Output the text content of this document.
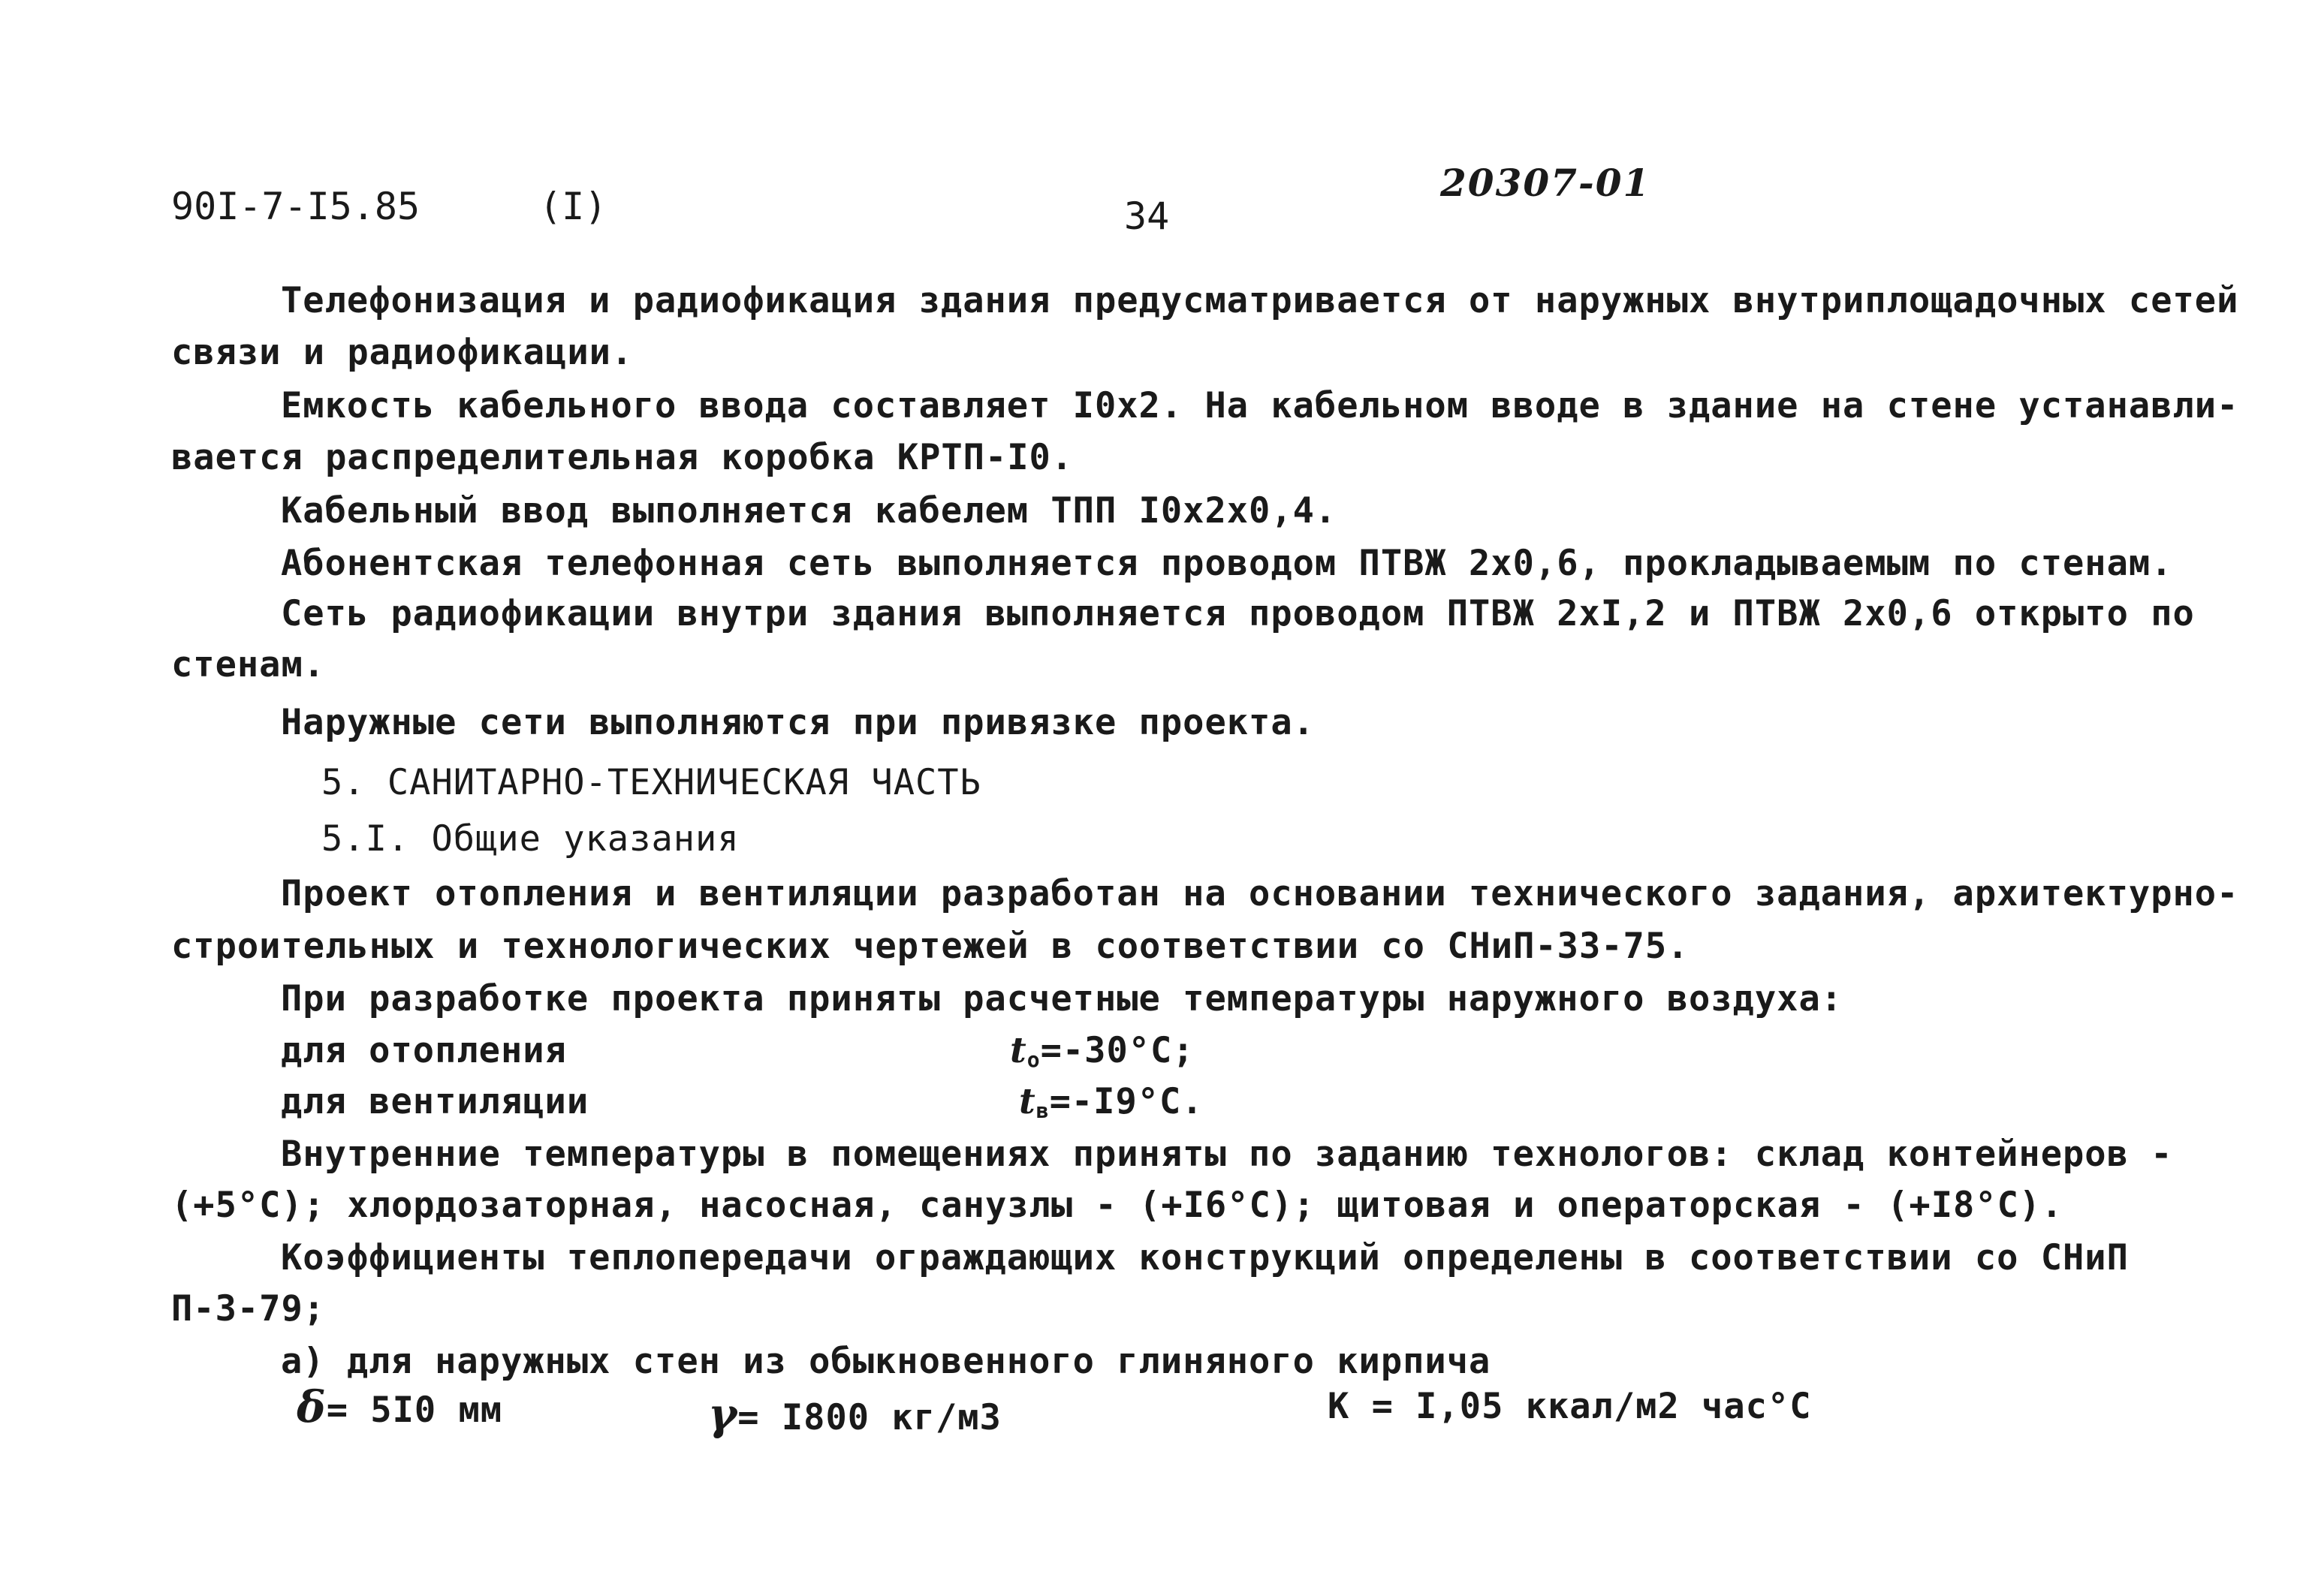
90I-7-I5.85	(I)	34
20307-01
Телефонизация и радиофикация здания предусматривается от наружных внутриплощадочных сетей
связи и радиофикации.
Емкость кабельного ввода составляет I0x2. На кабельном вводе в здание на стене устанавли-
вается распределительная коробка КРТП-I0.
Кабельный ввод выполняется кабелем ТПП I0x2x0,4.
Абонентская телефонная сеть выполняется проводом ПТВЖ 2x0,6, прокладываемым по стенам.
Сеть радиофикации внутри здания выполняется проводом ПТВЖ 2xI,2 и ПТВЖ 2x0,6 открыто по
стенам.
Наружные сети выполняются при привязке проекта.
5. САНИТАРНО-ТЕХНИЧЕСКАЯ ЧАСТЬ
5.I. Общие указания
Проект отопления и вентиляции разработан на основании технического задания, архитектурно-
строительных и технологических чертежей в соответствии со СНиП-33-75.
При разработке проекта приняты расчетные температуры наружного воздуха:
для отопления	$t_о=-30^\circ С$;
для вентиляции	$t_в=-I9^\circ С$.
Внутренние температуры в помещениях приняты по заданию технологов: склад контейнеров -
(+5°С); хлордозаторная, насосная, санузлы - (+I6°С); щитовая и операторская - (+I8°С).
Коэффициенты теплопередачи ограждающих конструкций определены в соответствии со СНиП
П-3-79;
а) для наружных стен из обыкновенного глиняного кирпича
δ= 5I0 мм	γ= I800 кг/м3	К = I,05 ккал/м2 час°С
